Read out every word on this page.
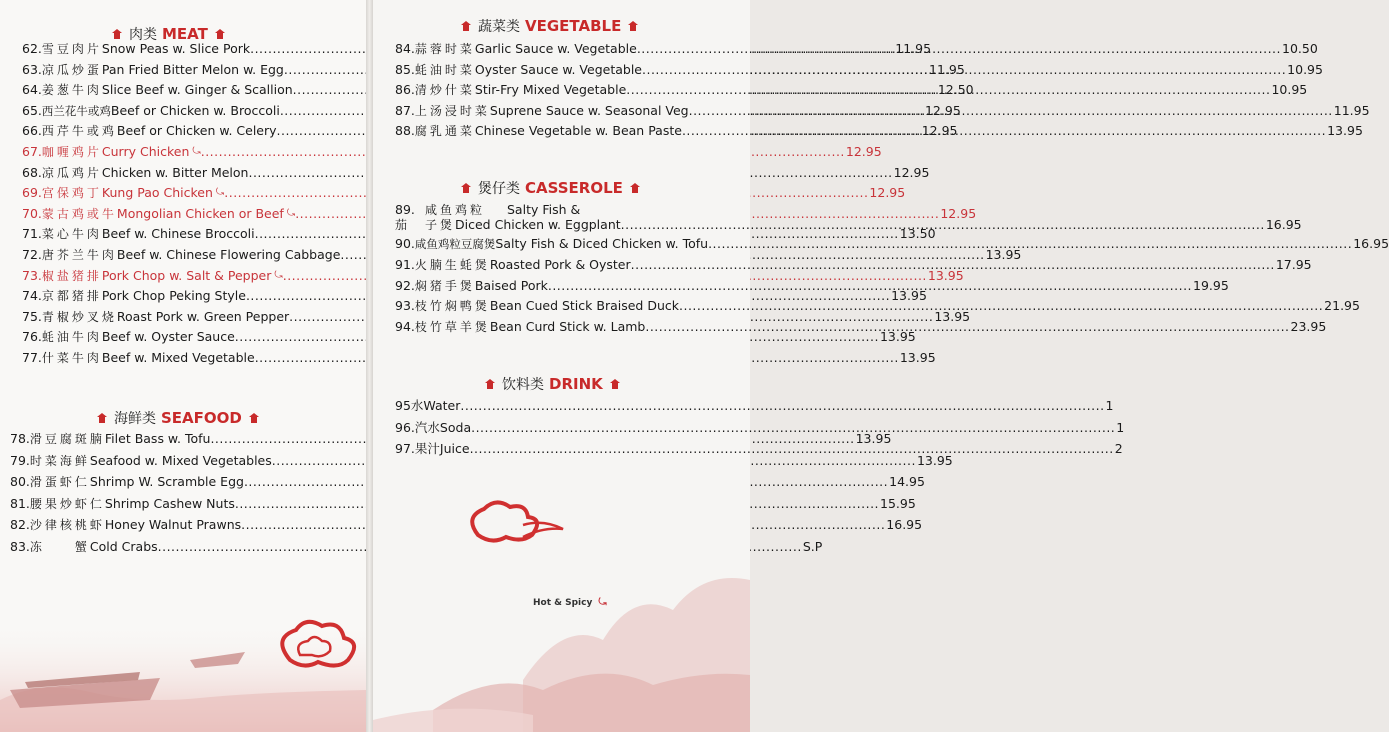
肉类 MEAT
62. 雪豆肉片 Snow Peas w. Slice Pork .....	11.95
63. 凉瓜炒蛋 Pan Fried Bitter Melon w. Egg .....	11.95
64. 姜葱牛肉 Slice Beef w. Ginger & Scallion .....	12.50
65. 西兰花牛或鸡 Beef or Chicken w. Broccoli .....	12.95
66. 西芹牛或鸡 Beef or Chicken w. Celery .....	12.95
67. 咖喱鸡片 Curry Chicken ⤿ .....	12.95
68. 凉瓜鸡片 Chicken w. Bitter Melon .....	12.95
69. 宫保鸡丁 Kung Pao Chicken ⤿ .....	12.95
70. 蒙古鸡或牛 Mongolian Chicken or Beef ⤿ .....	12.95
71. 菜心牛肉 Beef w. Chinese Broccoli .....	13.50
72. 唐芥兰牛肉 Beef w. Chinese Flowering Cabbage .....	13.95
73. 椒盐猪排 Pork Chop w. Salt & Pepper ⤿ .....	13.95
74. 京都猪排 Pork Chop Peking Style .....	13.95
75. 青椒炒叉烧 Roast Pork w. Green Pepper .....	13.95
76. 蚝油牛肉 Beef w. Oyster Sauce .....	13.95
77. 什菜牛肉 Beef w. Mixed Vegetable .....	13.95
海鲜类 SEAFOOD
78. 滑豆腐斑腩 Filet Bass w. Tofu .....	13.95
79. 时菜海鲜 Seafood w. Mixed Vegetables .....	13.95
80. 滑蛋虾仁 Shrimp W. Scramble Egg .....	14.95
81. 腰果炒虾仁 Shrimp Cashew Nuts .....	15.95
82. 沙律核桃虾 Honey Walnut Prawns .....	16.95
83. 冻　　蟹 Cold Crabs .....	S.P
蔬菜类 VEGETABLE
84. 蒜蓉时菜 Garlic Sauce w. Vegetable .....	10.50
85. 蚝油时菜 Oyster Sauce w. Vegetable .....	10.95
86. 清炒什菜 Stir-Fry Mixed Vegetable .....	10.95
87. 上汤浸时菜 Suprene Sauce w. Seasonal Veg .....	11.95
88. 腐乳通菜 Chinese Vegetable w. Bean Paste .....	13.95
煲仔类 CASSEROLE
89. 咸鱼鸡粒	Salty Fish &
茄　子煲 Diced Chicken w. Eggplant .....	16.95
90. 咸鱼鸡粒豆腐煲 Salty Fish & Diced Chicken w. Tofu .....	16.95
91. 火腩生蚝煲 Roasted Pork & Oyster .....	17.95
92. 焖猪手煲 Baised Pork .....	19.95
93. 枝竹焖鸭煲 Bean Cued Stick Braised Duck .....	21.95
94. 枝竹草羊煲 Bean Curd Stick w. Lamb .....	23.95
饮料类 DRINK
95 水 Water .....	1
96. 汽 水 Soda .....	1
97. 果 汁 Juice .....	2
Hot & Spicy ⤿
